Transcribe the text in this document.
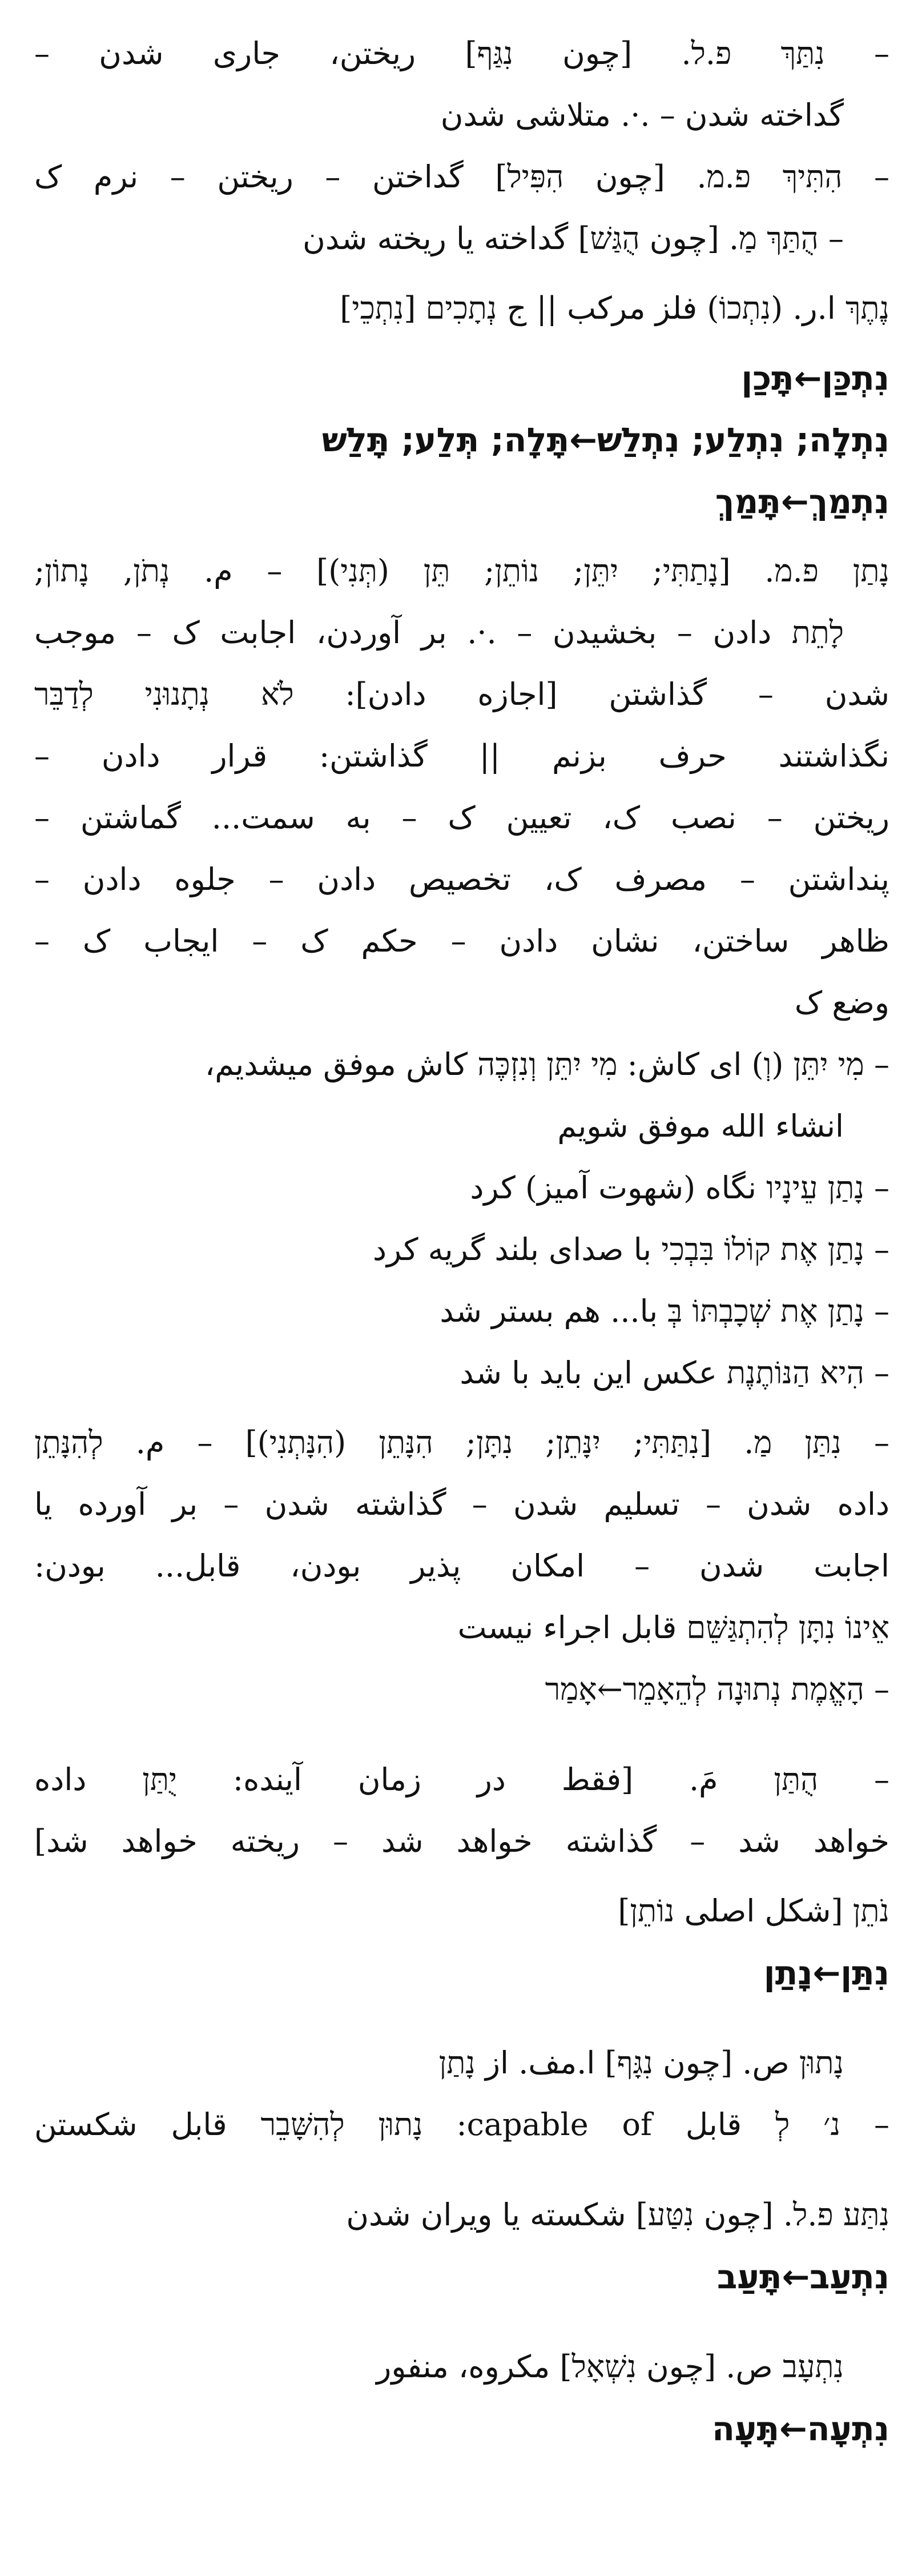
– נִתַּךְ פ.ל. [چون נִגַּף] ریختن، جاری شدن –
گداخته شدن – .·. متلاشی شدن
– הִתִּיךְ פ.מ. [چون הִפִּיל] گداختن – ریختن – نرم ک
– הֻתַּךְ מַ. [چون הֻגַּשׁ] گداخته یا ریخته شدن
נֶתֶךְ ا.ر. (נִתְכוֹ) فلز مرکب || ج נְתָכִים [נִתְכֵי]
נִתְכַּן←תָּכַן
נִתְלָה; נִתְלַע; נִתְלַשׁ←תָּלָה; תְּלַע; תָּלַשׁ
נִתְמַךְ←תָּמַךְ
נָתַן פ.מ. [נָתַתִּי; יִתֵּן; נוֹתֵן; תֵּן (תְּנִי)] – م. נְתֹן, נָתוֹן;
לָתֵת دادن – بخشیدن – .·. بر آوردن، اجابت ک – موجب
شدن – گذاشتن [اجازه دادن]: לֹא נְתָנוּנִי לְדַבֵּר
نگذاشتند حرف بزنم || گذاشتن: قرار دادن –
ریختن – نصب ک، تعیین ک – به سمت... گماشتن –
پنداشتن – مصرف ک، تخصیص دادن – جلوه دادن –
ظاهر ساختن، نشان دادن – حکم ک – ایجاب ک –
وضع ک
– מִי יִתֵּן (וְ) ای کاش: מִי יִתֵּן וְנִזְכֶּה کاش موفق میشدیم،
انشاء الله موفق شویم
– נָתַן עֵינָיו نگاه (شهوت آمیز) کرد
– נָתַן אֶת קוֹלוֹ בִּבְכִי با صدای بلند گریه کرد
– נָתַן אֶת שְׁכָבְתּוֹ בְּ با... هم بستر شد
– הִיא הַנּוֹתֶנֶת عکس این باید با شد
– נִתַּן מַ. [נִתַּתִּי; יִנָּתֵן; נִתָּן; הִנָּתֵן (הִנָּתְנִי)] – م. לְהִנָּתֵן
داده شدن – تسلیم شدن – گذاشته شدن – بر آورده یا
اجابت شدن – امکان پذیر بودن، قابل... بودن:
אֵינוֹ נִתָּן לְהִתְגַּשֵּׁם قابل اجراء نیست
– הָאֱמֶת נְתוּנָה לְהֵאָמֵר←אָמַר
– הֻתַּן مَ. [فقط در زمان آینده: יֻתַּן داده
خواهد شد – گذاشته خواهد شد – ریخته خواهد شد]
נֹתֵן [شکل اصلی נוֹתֵן]
נִתַּן←נָתַן
נָתוּן ص. [چون נִגָּף] ا.مف. از נָתַן
– נ׳ לְ قابل capable of: נָתוּן לְהִשָּׁבֵר قابل شکستن
נִתַּע פ.ל. [چون נִטַּע] شکسته یا ویران شدن
נִתְעַב←תָּעַב
נִתְעָב ص. [چون נִשְׁאָל] مکروه، منفور
נִתְעָה←תָּעָה
